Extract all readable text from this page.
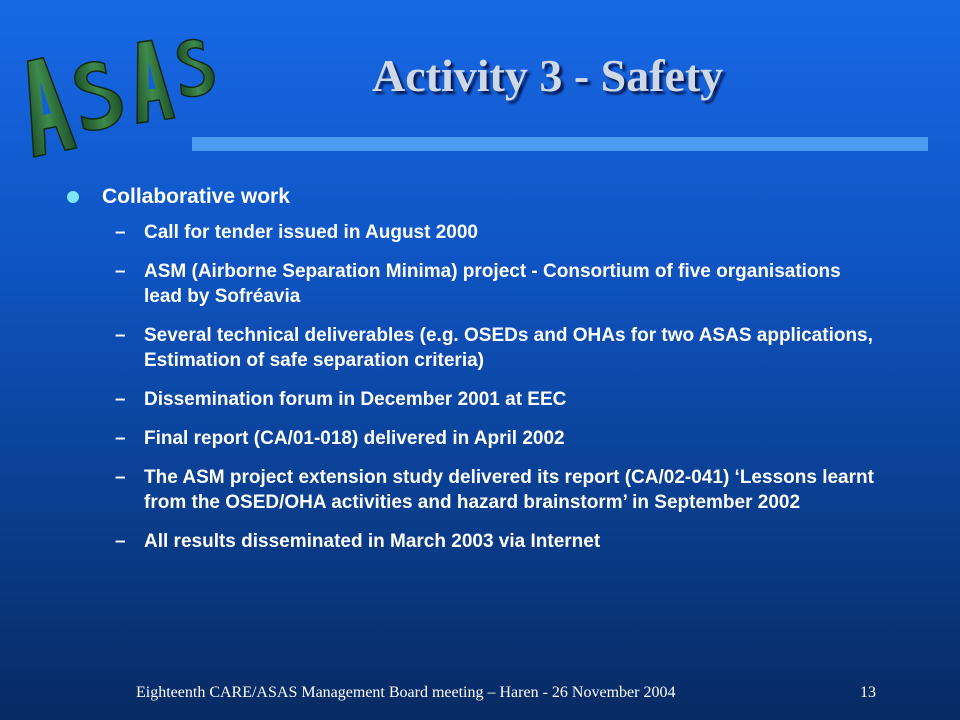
Activity 3 - Safety
Collaborative work
– Call for tender issued in August 2000
– ASM (Airborne Separation Minima) project - Consortium of five organisations lead by Sofréavia
– Several technical deliverables (e.g. OSEDs and OHAs for two ASAS applications, Estimation of safe separation criteria)
– Dissemination forum in December 2001 at EEC
– Final report (CA/01-018) delivered in April 2002
– The ASM project extension study delivered its report (CA/02-041) ‘Lessons learnt from the OSED/OHA activities and hazard brainstorm’ in September 2002
– All results disseminated in March 2003 via Internet
Eighteenth CARE/ASAS Management Board meeting – Haren - 26 November 2004	13
